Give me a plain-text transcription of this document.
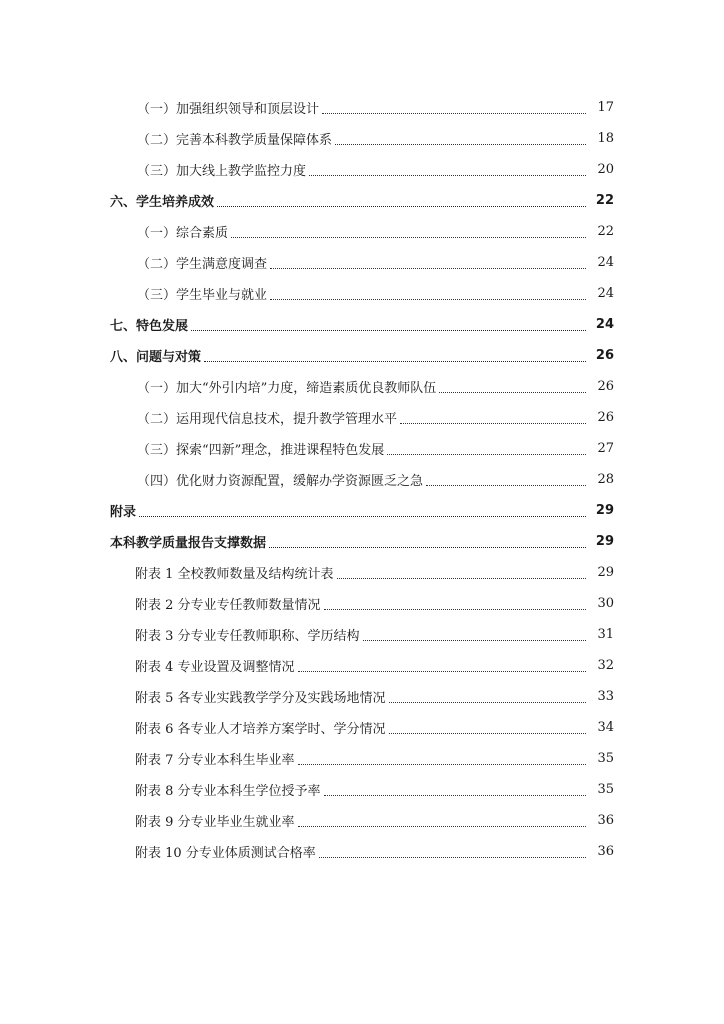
（一）加强组织领导和顶层设计	17
（二）完善本科教学质量保障体系	18
（三）加大线上教学监控力度	20
六、学生培养成效	22
（一）综合素质	22
（二）学生满意度调查	24
（三）学生毕业与就业	24
七、特色发展	24
八、问题与对策	26
（一）加大“外引内培”力度，缔造素质优良教师队伍	26
（二）运用现代信息技术，提升教学管理水平	26
（三）探索“四新”理念，推进课程特色发展	27
（四）优化财力资源配置，缓解办学资源匮乏之急	28
附录	29
本科教学质量报告支撑数据	29
附表 1 全校教师数量及结构统计表	29
附表 2 分专业专任教师数量情况	30
附表 3 分专业专任教师职称、学历结构	31
附表 4 专业设置及调整情况	32
附表 5 各专业实践教学学分及实践场地情况	33
附表 6 各专业人才培养方案学时、学分情况	34
附表 7 分专业本科生毕业率	35
附表 8 分专业本科生学位授予率	35
附表 9 分专业毕业生就业率	36
附表 10 分专业体质测试合格率	36
